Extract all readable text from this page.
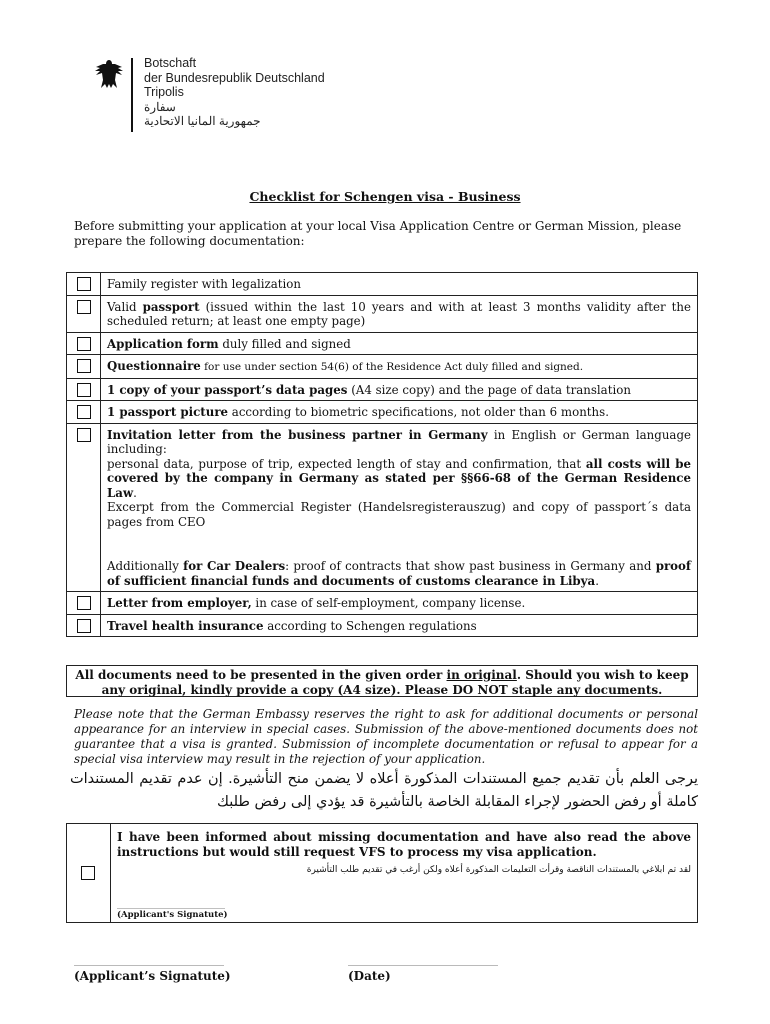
Botschaft
der Bundesrepublik Deutschland
Tripolis
سفارة
جمهورية المانيا الاتحادية
Checklist for Schengen visa - Business
Before submitting your application at your local Visa Application Centre or German Mission, please prepare the following documentation:
	Family register with legalization
	Valid passport (issued within the last 10 years and with at least 3 months validity after the scheduled return; at least one empty page)
	Application form duly filled and signed
	Questionnaire for use under section 54(6) of the Residence Act duly filled and signed.
	1 copy of your passport’s data pages (A4 size copy) and the page of data translation
	1 passport picture according to biometric specifications, not older than 6 months.
	Invitation letter from the business partner in Germany in English or German language including:
personal data, purpose of trip, expected length of stay and confirmation, that all costs will be covered by the company in Germany as stated per §§66-68 of the German Residence Law.
Excerpt from the Commercial Register (Handelsregisterauszug) and copy of passport´s data pages from CEO
Additionally for Car Dealers: proof of contracts that show past business in Germany and proof of sufficient financial funds and documents of customs clearance in Libya.
	Letter from employer, in case of self-employment, company license.
	Travel health insurance according to Schengen regulations
All documents need to be presented in the given order in original. Should you wish to keep any original, kindly provide a copy (A4 size). Please DO NOT staple any documents.
Please note that the German Embassy reserves the right to ask for additional documents or personal appearance for an interview in special cases. Submission of the above-mentioned documents does not guarantee that a visa is granted. Submission of incomplete documentation or refusal to appear for a special visa interview may result in the rejection of your application.
يرجى العلم بأن تقديم جميع المستندات المذكورة أعلاه لا يضمن منح التأشيرة. إن عدم تقديم المستندات كاملة أو رفض الحضور لإجراء المقابلة الخاصة بالتأشيرة قد يؤدي إلى رفض طلبك
I have been informed about missing documentation and have also read the above instructions but would still request VFS to process my visa application.
لقد تم ابلاغي بالمستندات الناقصة وقرأت التعليمات المذكورة أعلاه ولكن أرغب في تقديم طلب التأشيرة
________________________
(Applicant's Signatute)
______________________________	______________________________
(Applicant’s Signatute)	(Date)
